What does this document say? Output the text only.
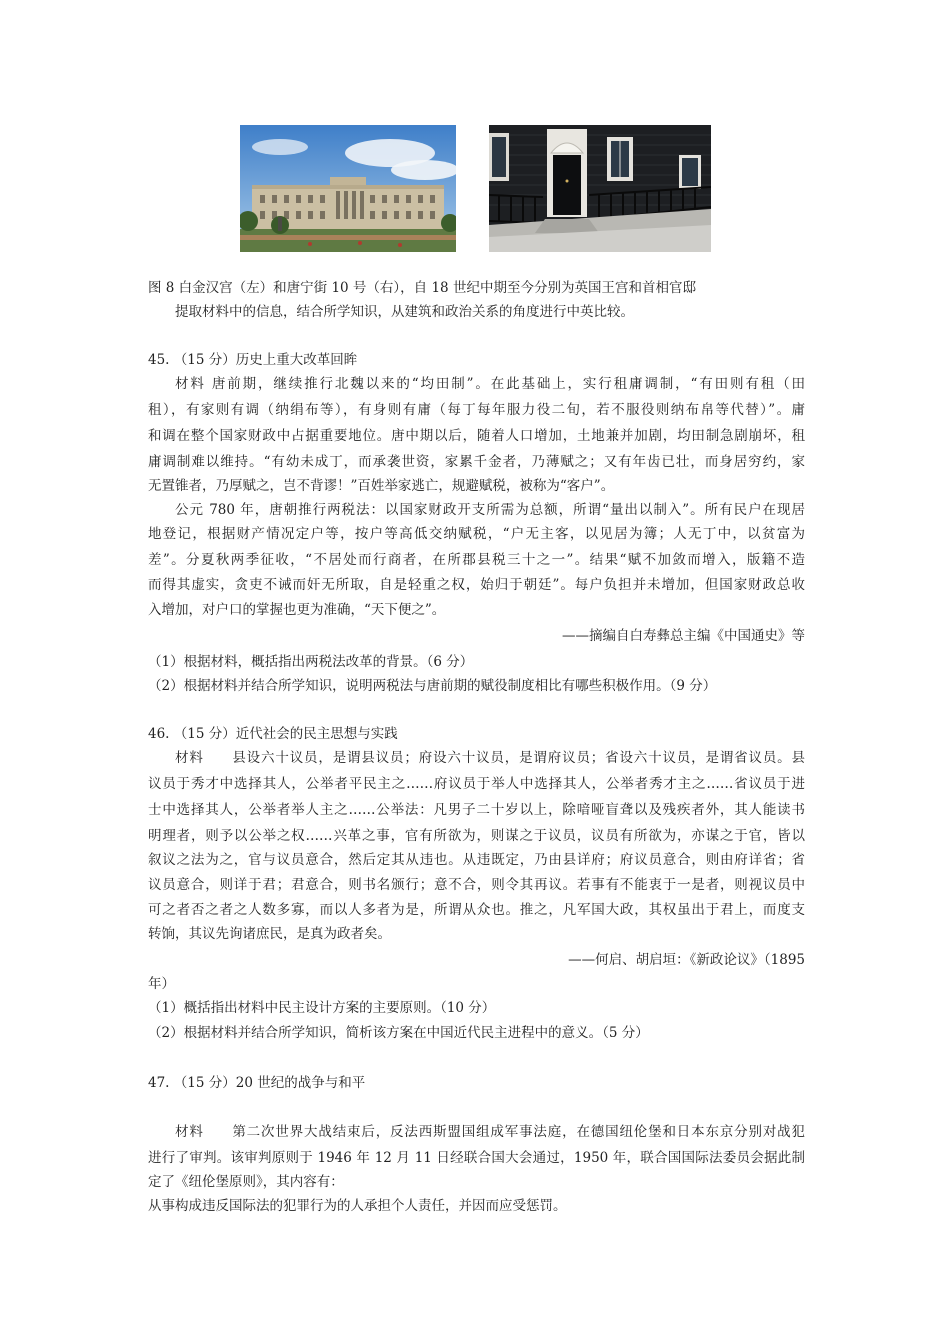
图 8 白金汉宫（左）和唐宁街 10 号（右），自 18 世纪中期至今分别为英国王宫和首相官邸
提取材料中的信息，结合所学知识，从建筑和政治关系的角度进行中英比较。
45. （15 分）历史上重大改革回眸
材料 唐前期，继续推行北魏以来的“均田制”。在此基础上，实行租庸调制，“有田则有租（田
租），有家则有调（纳绢布等），有身则有庸（每丁每年服力役二旬，若不服役则纳布帛等代替）”。庸
和调在整个国家财政中占据重要地位。唐中期以后，随着人口增加，土地兼并加剧，均田制急剧崩坏，租
庸调制难以维持。“有幼未成丁，而承袭世资，家累千金者，乃薄赋之；又有年齿已壮，而身居穷约，家
无置锥者，乃厚赋之，岂不背谬！”百姓举家逃亡，规避赋税，被称为“客户”。
公元 780 年，唐朝推行两税法：以国家财政开支所需为总额，所谓“量出以制入”。所有民户在现居
地登记，根据财产情况定户等，按户等高低交纳赋税，“户无主客，以见居为簿；人无丁中，以贫富为
差”。分夏秋两季征收，“不居处而行商者，在所郡县税三十之一”。结果“赋不加敛而增入，版籍不造
而得其虚实，贪吏不诫而奸无所取，自是轻重之权，始归于朝廷”。每户负担并未增加，但国家财政总收
入增加，对户口的掌握也更为准确，“天下便之”。
——摘编自白寿彝总主编《中国通史》等
（1）根据材料，概括指出两税法改革的背景。（6 分）
（2）根据材料并结合所学知识，说明两税法与唐前期的赋役制度相比有哪些积极作用。（9 分）
46. （15 分）近代社会的民主思想与实践
材料　　县设六十议员，是谓县议员；府设六十议员，是谓府议员；省设六十议员，是谓省议员。县
议员于秀才中选择其人，公举者平民主之……府议员于举人中选择其人，公举者秀才主之……省议员于进
士中选择其人，公举者举人主之……公举法：凡男子二十岁以上，除喑哑盲聋以及残疾者外，其人能读书
明理者，则予以公举之权……兴革之事，官有所欲为，则谋之于议员，议员有所欲为，亦谋之于官，皆以
叙议之法为之，官与议员意合，然后定其从违也。从违既定，乃由县详府；府议员意合，则由府详省；省
议员意合，则详于君；君意合，则书名颁行；意不合，则令其再议。若事有不能衷于一是者，则视议员中
可之者否之者之人数多寡，而以人多者为是，所谓从众也。推之，凡军国大政，其权虽出于君上，而度支
转饷，其议先询诸庶民，是真为政者矣。
——何启、胡启垣：《新政论议》（1895
年）
（1）概括指出材料中民主设计方案的主要原则。（10 分）
（2）根据材料并结合所学知识，简析该方案在中国近代民主进程中的意义。（5 分）
47. （15 分）20 世纪的战争与和平
材料　　第二次世界大战结束后，反法西斯盟国组成军事法庭，在德国纽伦堡和日本东京分别对战犯
进行了审判。该审判原则于 1946 年 12 月 11 日经联合国大会通过，1950 年，联合国国际法委员会据此制
定了《纽伦堡原则》，其内容有：
从事构成违反国际法的犯罪行为的人承担个人责任，并因而应受惩罚。
